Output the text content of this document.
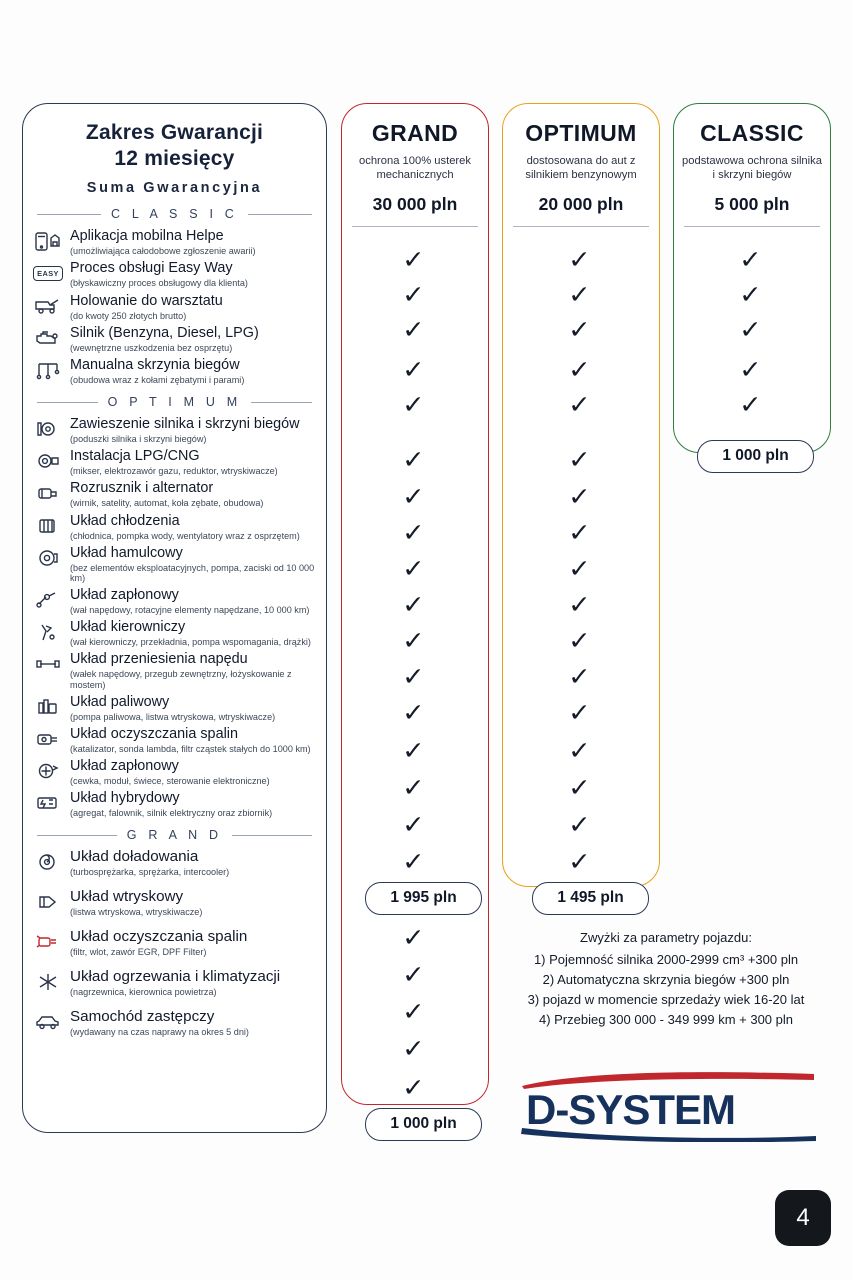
Zakres Gwarancji
12 miesięcy
Suma Gwarancyjna
C L A S S I C
Aplikacja mobilna Helpe
(umożliwiająca całodobowe zgłoszenie awarii)
EASY Proces obsługi Easy Way
(błyskawiczny proces obsługowy dla klienta)
Holowanie do warsztatu
(do kwoty 250 złotych brutto)
Silnik (Benzyna, Diesel, LPG)
(wewnętrzne uszkodzenia bez osprzętu)
Manualna skrzynia biegów
(obudowa wraz z kołami zębatymi i parami)
O P T I M U M
Zawieszenie silnika i skrzyni biegów
(poduszki silnika i skrzyni biegów)
Instalacja LPG/CNG
(mikser, elektrozawór gazu, reduktor, wtryskiwacze)
Rozrusznik i alternator
(wirnik, satelity, automat, koła zębate, obudowa)
Układ chłodzenia
(chłodnica, pompka wody, wentylatory wraz z osprzętem)
Układ hamulcowy
(bez elementów eksploatacyjnych, pompa, zaciski od 10 000 km)
Układ zapłonowy
(wał napędowy, rotacyjne elementy napędzane, 10 000 km)
Układ kierowniczy
(wał kierowniczy, przekładnia, pompa wspomagania, drążki)
Układ przeniesienia napędu
(wałek napędowy, przegub zewnętrzny, łożyskowanie z mostem)
Układ paliwowy
(pompa paliwowa, listwa wtryskowa, wtryskiwacze)
Układ oczyszczania spalin
(katalizator, sonda lambda, filtr cząstek stałych do 1000 km)
Układ zapłonowy
(cewka, moduł, świece, sterowanie elektroniczne)
Układ hybrydowy
(agregat, falownik, silnik elektryczny oraz zbiornik)
G R A N D
Układ doładowania
(turbosprężarka, sprężarka, intercooler)
Układ wtryskowy
(listwa wtryskowa, wtryskiwacze)
Układ oczyszczania spalin
(filtr, wlot, zawór EGR, DPF Filter)
Układ ogrzewania i klimatyzacji
(nagrzewnica, kierownica powietrza)
Samochód zastępczy
(wydawany na czas naprawy na okres 5 dni)
GRAND
ochrona 100% usterek mechanicznych
30 000 pln
OPTIMUM
dostosowana do aut z silnikiem benzynowym
20 000 pln
CLASSIC
podstawowa ochrona silnika i skrzyni biegów
5 000 pln
✓
✓
✓
✓
✓
✓
✓
✓
✓
✓
✓
✓
✓
✓
✓
✓
✓
✓
✓
✓
✓
✓
✓
✓
✓
✓
✓
✓
✓
✓
✓
✓
✓
✓
✓
✓
✓
✓
✓
✓
✓
✓
✓
✓
1 995 pln
1 000 pln
1 495 pln
1 000 pln
Zwyżki za parametry pojazdu:
1) Pojemność silnika 2000-2999 cm³ +300 pln
2) Automatyczna skrzynia biegów +300 pln
3) pojazd w momencie sprzedaży wiek 16-20 lat
4) Przebieg 300 000 - 349 999 km + 300 pln
D-SYSTEM
4
